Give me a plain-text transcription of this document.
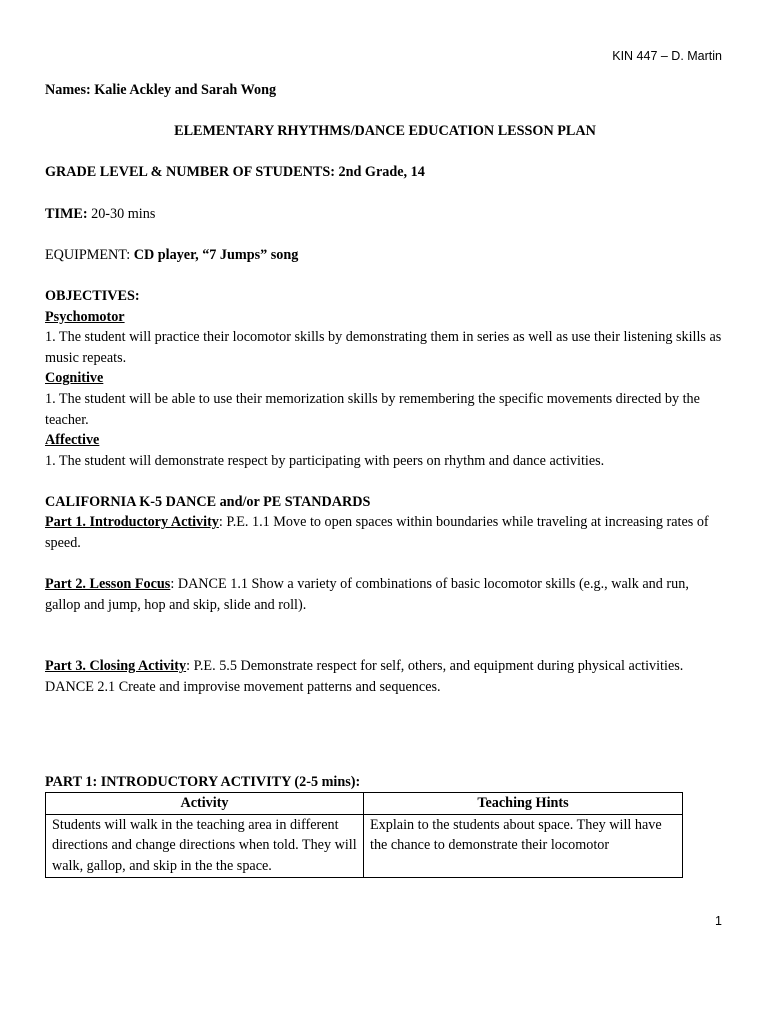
KIN 447 – D. Martin

Names: Kalie Ackley and Sarah Wong

ELEMENTARY RHYTHMS/DANCE EDUCATION LESSON PLAN

GRADE LEVEL & NUMBER OF STUDENTS: 2nd Grade, 14

TIME: 20-30 mins

EQUIPMENT: CD player, “7 Jumps” song

OBJECTIVES:

Psychomotor

1. The student will practice their locomotor skills by demonstrating them in series as well as use their listening skills as music repeats.

Cognitive

1. The student will be able to use their memorization skills by remembering the specific movements directed by the teacher.

Affective

1. The student will demonstrate respect by participating with peers on rhythm and dance activities.

CALIFORNIA K-5 DANCE and/or PE STANDARDS

Part 1. Introductory Activity: P.E. 1.1 Move to open spaces within boundaries while traveling at increasing rates of speed.

Part 2. Lesson Focus: DANCE 1.1 Show a variety of combinations of basic locomotor skills (e.g., walk and run, gallop and jump, hop and skip, slide and roll).

Part 3. Closing Activity: P.E. 5.5 Demonstrate respect for self, others, and equipment during physical activities.

DANCE 2.1 Create and improvise movement patterns and sequences.

PART 1: INTRODUCTORY ACTIVITY (2-5 mins):

Activity	Teaching Hints
Students will walk in the teaching area in different directions and change directions when told. They will walk, gallop, and skip in the the space.	Explain to the students about space. They will have the chance to demonstrate their locomotor
1
